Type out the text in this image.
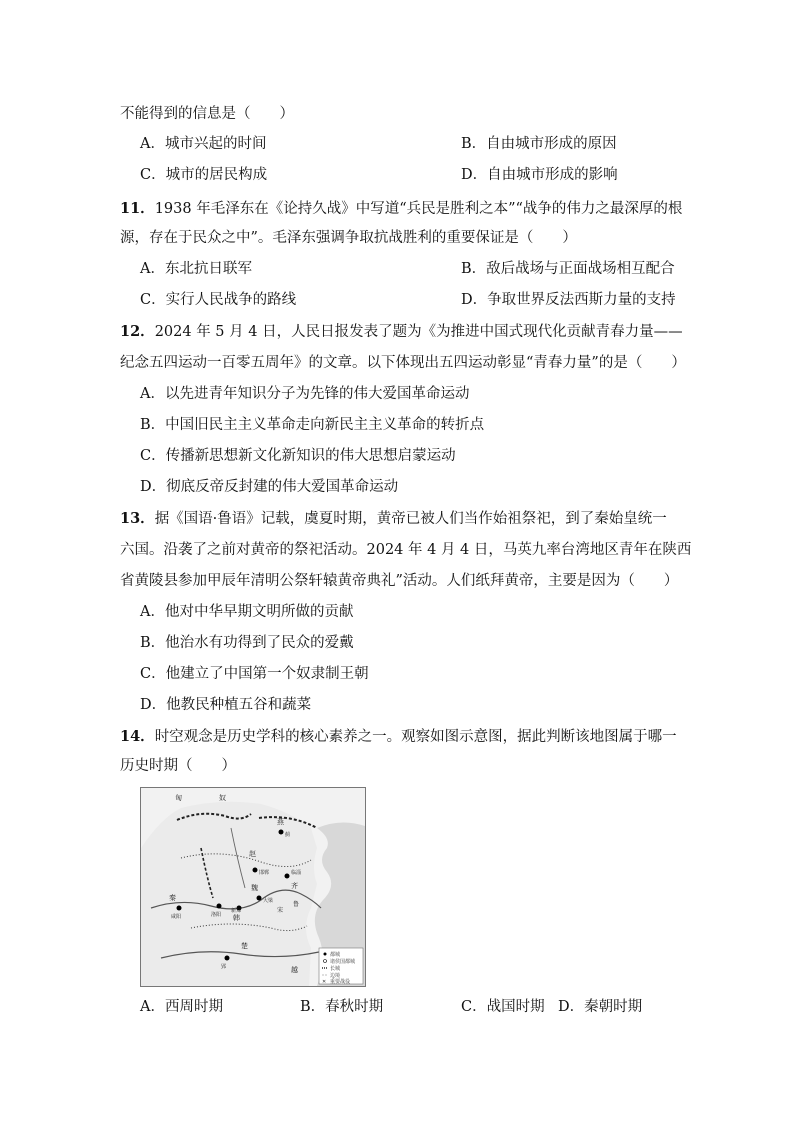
不能得到的信息是（　　）
A．城市兴起的时间	B．自由城市形成的原因
C．城市的居民构成	D．自由城市形成的影响
11．1938 年毛泽东在《论持久战》中写道“兵民是胜利之本”“战争的伟力之最深厚的根
源，存在于民众之中”。毛泽东强调争取抗战胜利的重要保证是（　　）
A．东北抗日联军	B．敌后战场与正面战场相互配合
C．实行人民战争的路线	D．争取世界反法西斯力量的支持
12．2024 年 5 月 4 日，人民日报发表了题为《为推进中国式现代化贡献青春力量——
纪念五四运动一百零五周年》的文章。以下体现出五四运动彰显“青春力量”的是（　　）
A．以先进青年知识分子为先锋的伟大爱国革命运动
B．中国旧民主主义革命走向新民主主义革命的转折点
C．传播新思想新文化新知识的伟大思想启蒙运动
D．彻底反帝反封建的伟大爱国革命运动
13．据《国语·鲁语》记载，虞夏时期，黄帝已被人们当作始祖祭祀，到了秦始皇统一
六国。沿袭了之前对黄帝的祭祀活动。2024 年 4 月 4 日，马英九率台湾地区青年在陕西
省黄陵县参加甲辰年清明公祭轩辕黄帝典礼”活动。人们纸拜黄帝，主要是因为（　　）
A．他对中华早期文明所做的贡献
B．他治水有功得到了民众的爱戴
C．他建立了中国第一个奴隶制王朝
D．他教民种植五谷和蔬菜
14．时空观念是历史学科的核心素养之一。观察如图示意图，据此判断该地图属于哪一
历史时期（　　）
都城
诸侯国都城
长城
边境
✕ 重要战役
匈	奴
燕
赵
魏	齐
秦
韩
楚
咸阳	洛阳
邯郸	临淄
大梁
新郑
郢
蓟
鲁
宋
越
A．西周时期	B．春秋时期	C．战国时期 D．秦朝时期
